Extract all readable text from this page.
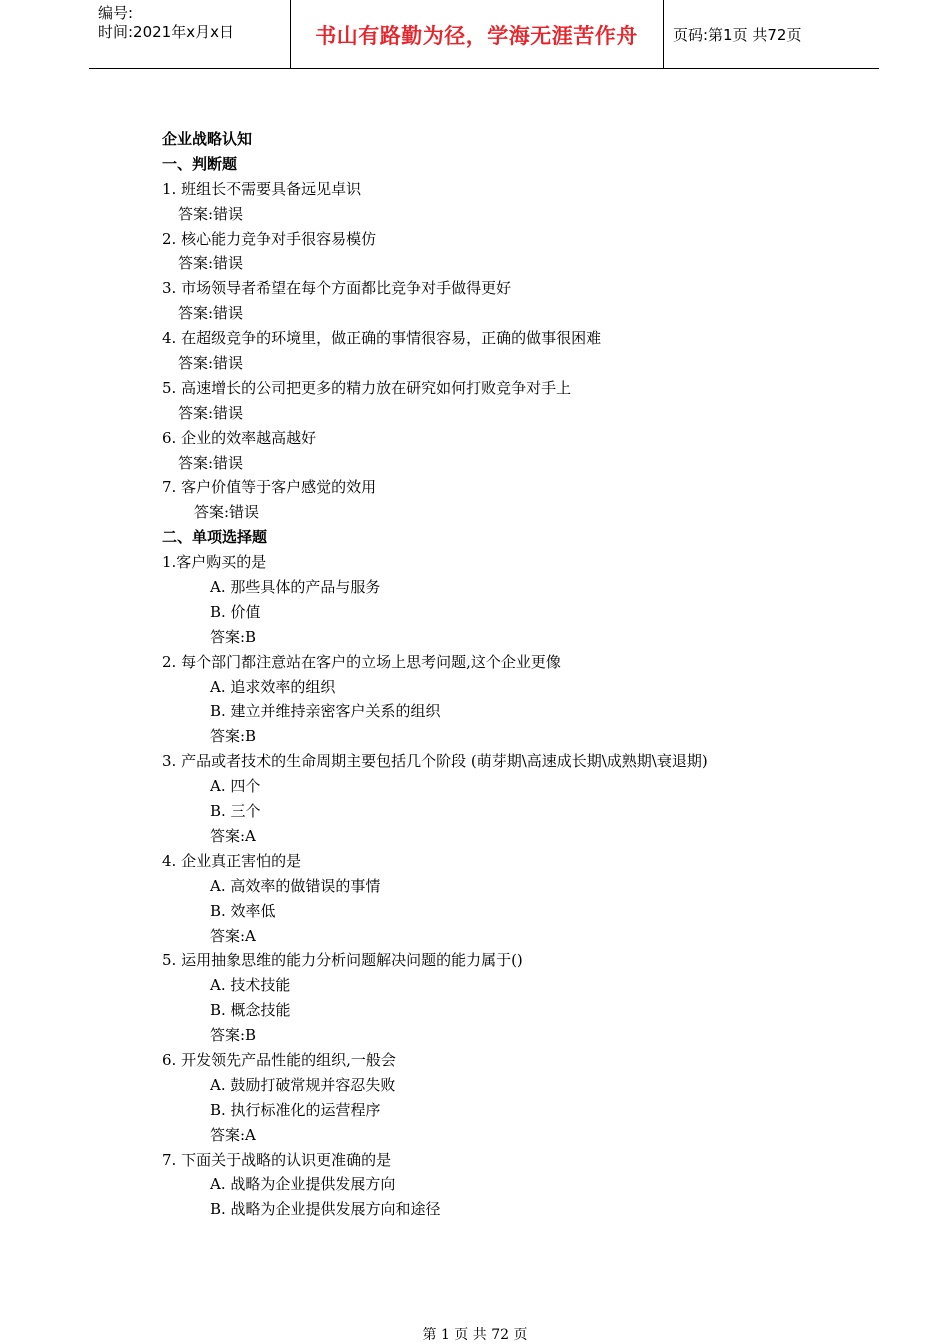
编号:
时间:2021年x月x日	书山有路勤为径，学海无涯苦作舟	页码:第1页 共72页
企业战略认知
一、判断题
1. 班组长不需要具备远见卓识
答案:错误
2. 核心能力竞争对手很容易模仿
答案:错误
3. 市场领导者希望在每个方面都比竞争对手做得更好
答案:错误
4. 在超级竞争的环境里，做正确的事情很容易，正确的做事很困难
答案:错误
5. 高速增长的公司把更多的精力放在研究如何打败竞争对手上
答案:错误
6. 企业的效率越高越好
答案:错误
7. 客户价值等于客户感觉的效用
答案:错误
二、单项选择题
1.客户购买的是
A. 那些具体的产品与服务
B. 价值
答案:B
2. 每个部门都注意站在客户的立场上思考问题,这个企业更像
A. 追求效率的组织
B. 建立并维持亲密客户关系的组织
答案:B
3. 产品或者技术的生命周期主要包括几个阶段 (萌芽期\高速成长期\成熟期\衰退期)
A. 四个
B. 三个
答案:A
4. 企业真正害怕的是
A. 高效率的做错误的事情
B. 效率低
答案:A
5. 运用抽象思维的能力分析问题解决问题的能力属于()
A. 技术技能
B. 概念技能
答案:B
6. 开发领先产品性能的组织,一般会
A. 鼓励打破常规并容忍失败
B. 执行标准化的运营程序
答案:A
7. 下面关于战略的认识更准确的是
A. 战略为企业提供发展方向
B. 战略为企业提供发展方向和途径
第 1 页 共 72 页
